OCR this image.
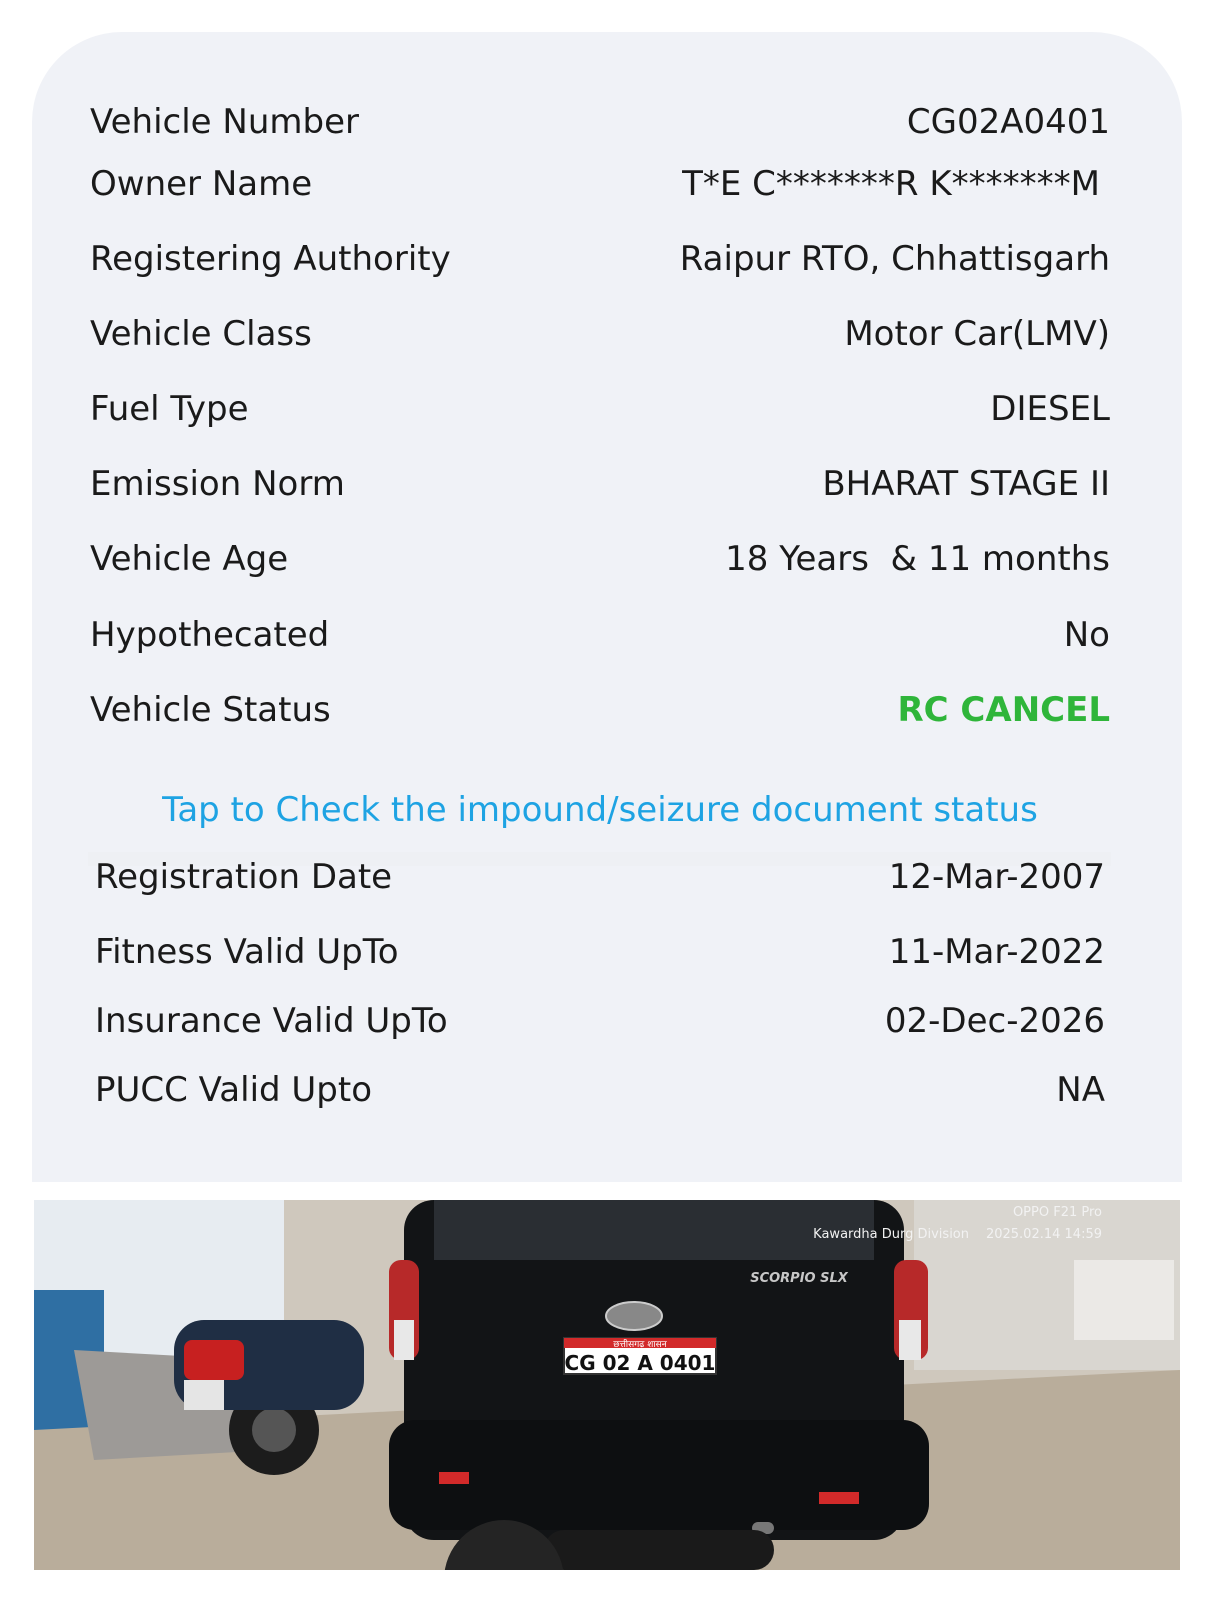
Vehicle Number	CG02A0401
Owner Name	T*E C*******R K*******M
Registering Authority	Raipur RTO, Chhattisgarh
Vehicle Class	Motor Car(LMV)
Fuel Type	DIESEL
Emission Norm	BHARAT STAGE II
Vehicle Age	18 Years  & 11 months
Hypothecated	No
Vehicle Status	RC CANCEL
Tap to Check the impound/seizure document status
Registration Date	12-Mar-2007
Fitness Valid UpTo	11-Mar-2022
Insurance Valid UpTo	02-Dec-2026
PUCC Valid Upto	NA
छत्तीसगढ़ शासन
CG 02 A 0401
SCORPIO SLX
OPPO F21 Pro
Kawardha Durg Division 2025.02.14 14:59
